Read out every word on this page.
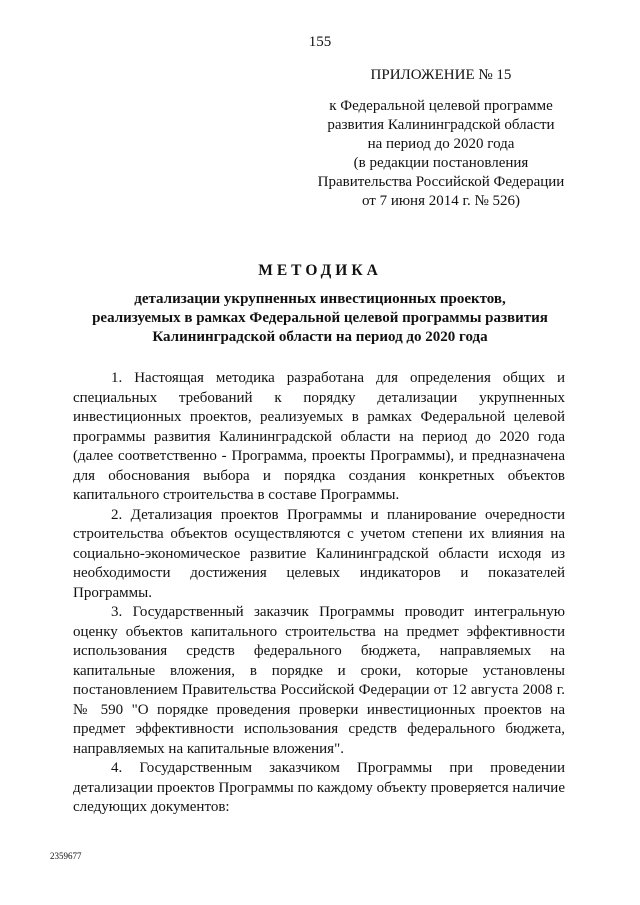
155
ПРИЛОЖЕНИЕ № 15
к Федеральной целевой программе
развития Калининградской области
на период до 2020 года
(в редакции постановления
Правительства Российской Федерации
от 7 июня 2014 г. № 526)
МЕТОДИКА
детализации укрупненных инвестиционных проектов,
реализуемых в рамках Федеральной целевой программы развития
Калининградской области на период до 2020 года

1. Настоящая методика разработана для определения общих и специальных требований к порядку детализации укрупненных инвестиционных проектов, реализуемых в рамках Федеральной целевой программы развития Калининградской области на период до 2020 года (далее соответственно - Программа, проекты Программы), и предназначена для обоснования выбора и порядка создания конкретных объектов капитального строительства в составе Программы.

2. Детализация проектов Программы и планирование очередности строительства объектов осуществляются с учетом степени их влияния на социально-экономическое развитие Калининградской области исходя из необходимости достижения целевых индикаторов и показателей Программы.

3. Государственный заказчик Программы проводит интегральную оценку объектов капитального строительства на предмет эффективности использования средств федерального бюджета, направляемых на капитальные вложения, в порядке и сроки, которые установлены постановлением Правительства Российской Федерации от 12 августа 2008 г. № 590 "О порядке проведения проверки инвестиционных проектов на предмет эффективности использования средств федерального бюджета, направляемых на капитальные вложения".

4. Государственным заказчиком Программы при проведении детализации проектов Программы по каждому объекту проверяется наличие следующих документов:

2359677
